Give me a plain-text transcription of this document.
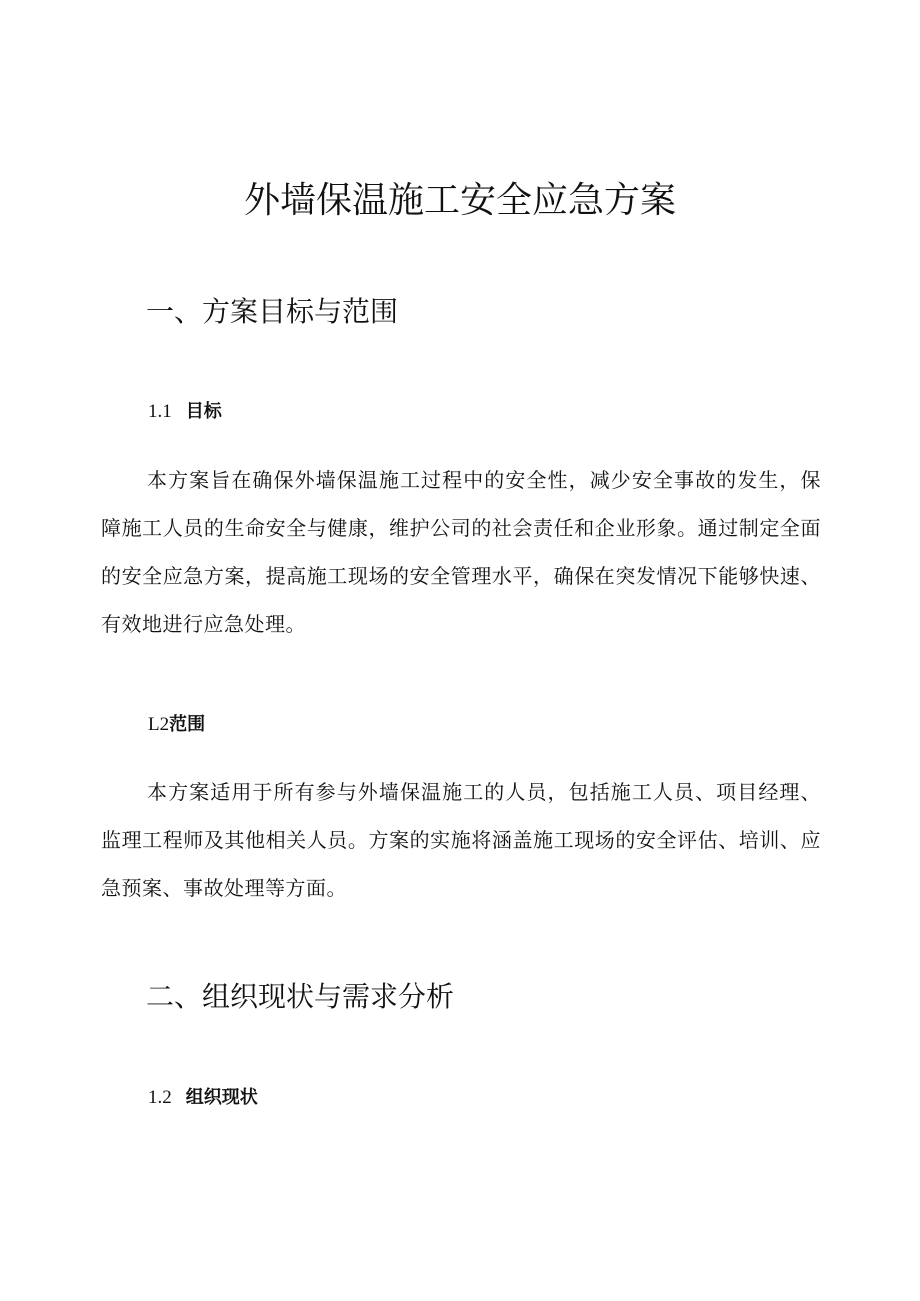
外墙保温施工安全应急方案
一、方案目标与范围
1.1 目标

本方案旨在确保外墙保温施工过程中的安全性，减少安全事故的发生，保障施工人员的生命安全与健康，维护公司的社会责任和企业形象。通过制定全面的安全应急方案，提高施工现场的安全管理水平，确保在突发情况下能够快速、有效地进行应急处理。

L2范围

本方案适用于所有参与外墙保温施工的人员，包括施工人员、项目经理、监理工程师及其他相关人员。方案的实施将涵盖施工现场的安全评估、培训、应急预案、事故处理等方面。

二、组织现状与需求分析
1.2 组织现状
